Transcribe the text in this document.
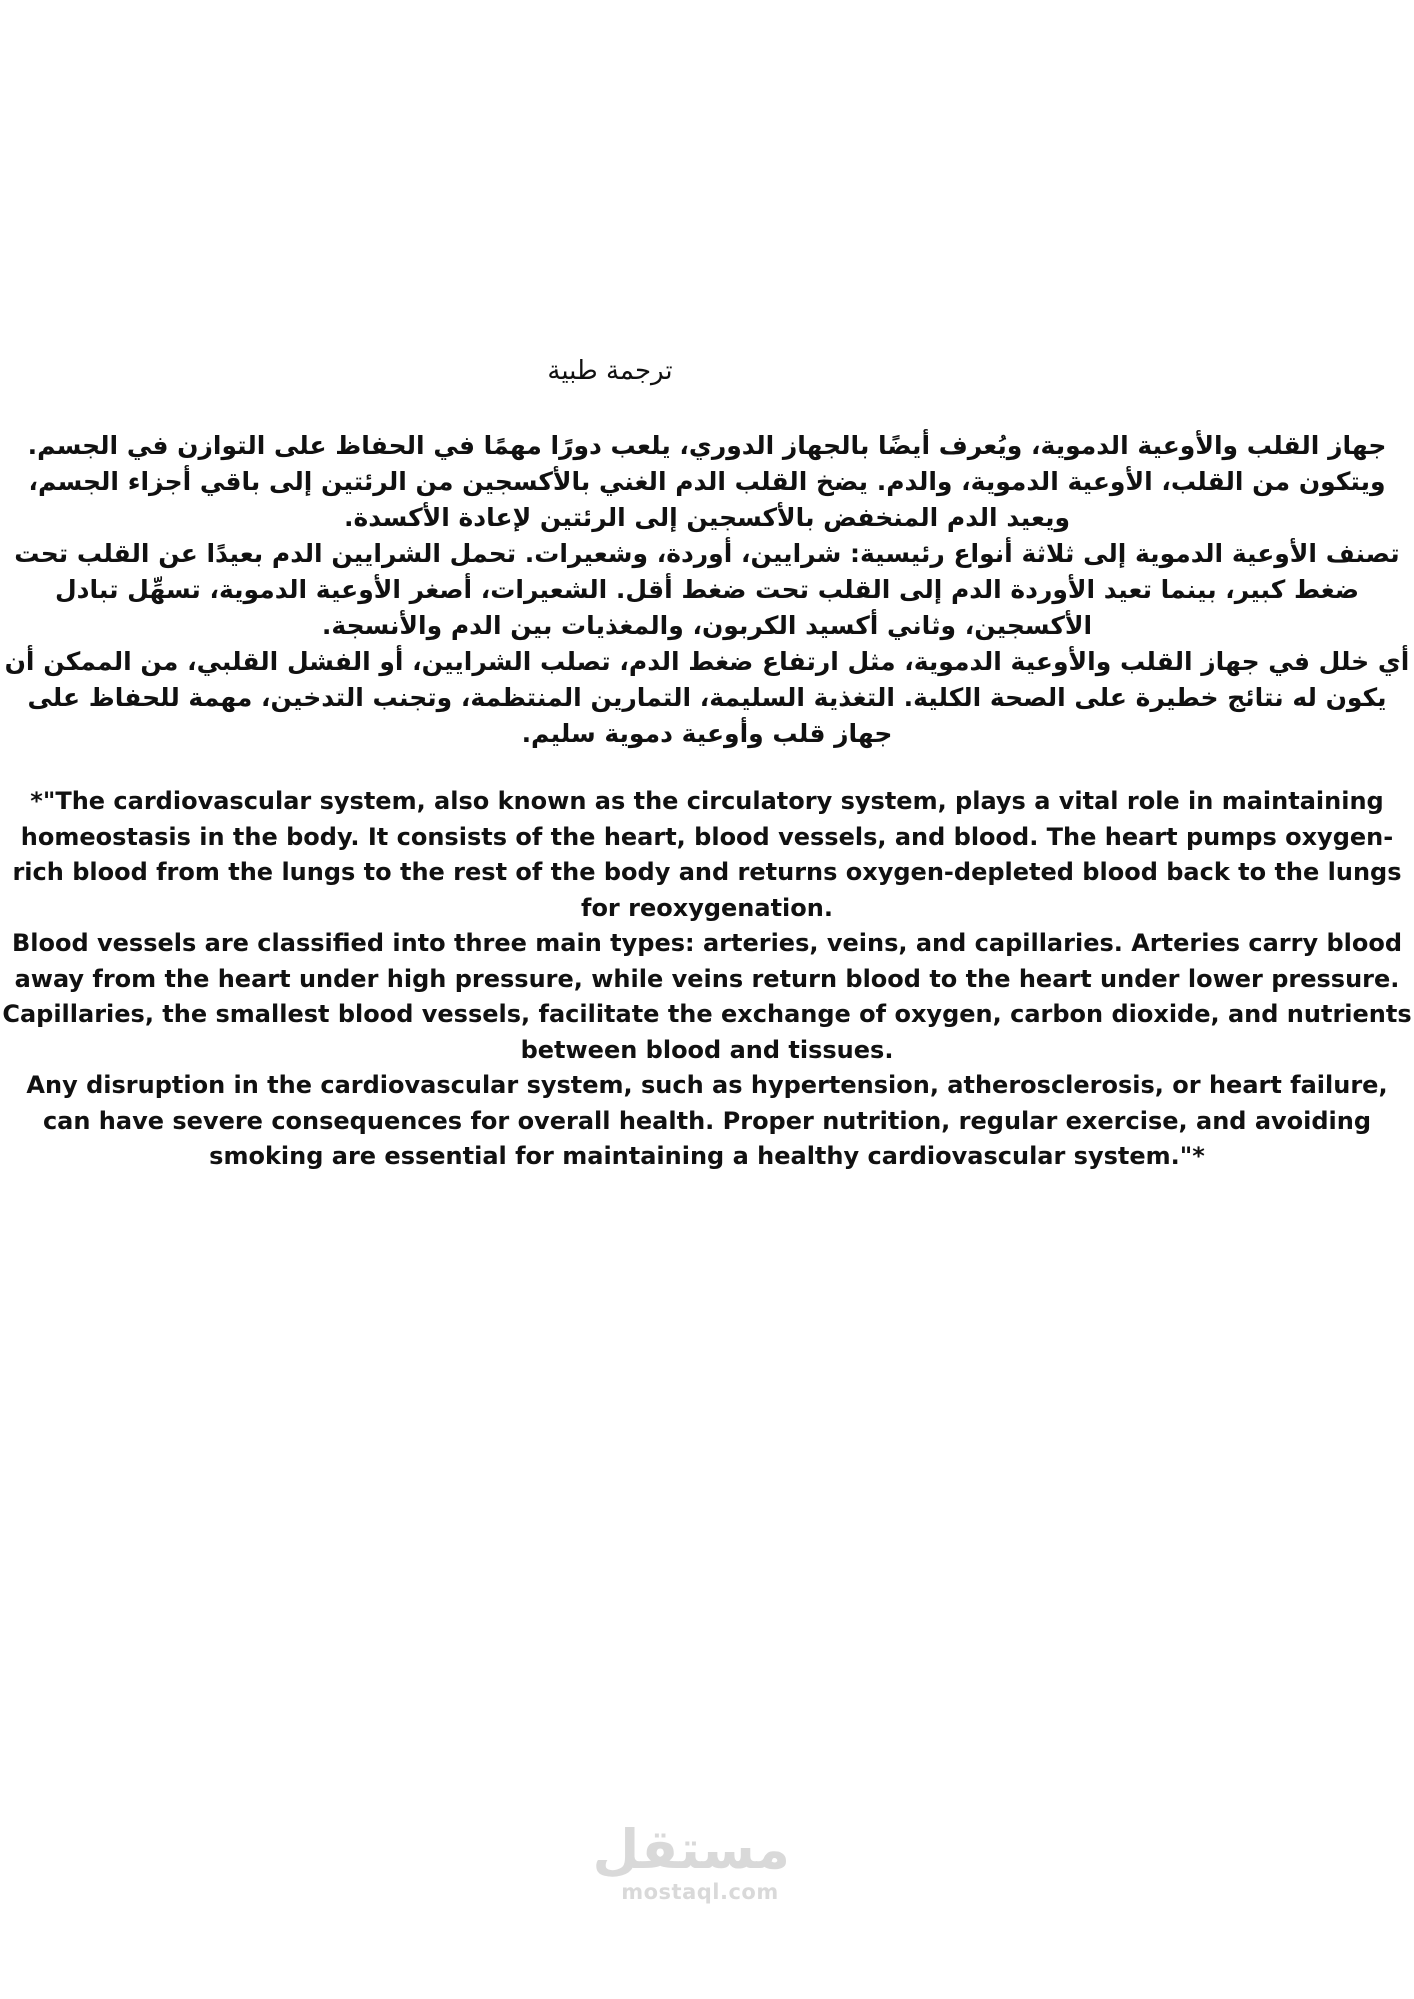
ترجمة طبية

جهاز القلب والأوعية الدموية، ويُعرف أيضًا بالجهاز الدوري، يلعب دورًا مهمًا في الحفاظ على التوازن في الجسم. ويتكون من القلب، الأوعية الدموية، والدم. يضخ القلب الدم الغني بالأكسجين من الرئتين إلى باقي أجزاء الجسم، ويعيد الدم المنخفض بالأكسجين إلى الرئتين لإعادة الأكسدة.

تصنف الأوعية الدموية إلى ثلاثة أنواع رئيسية: شرايين، أوردة، وشعيرات. تحمل الشرايين الدم بعيدًا عن القلب تحت ضغط كبير، بينما تعيد الأوردة الدم إلى القلب تحت ضغط أقل. الشعيرات، أصغر الأوعية الدموية، تسهِّل تبادل الأكسجين، وثاني أكسيد الكربون، والمغذيات بين الدم والأنسجة.

أي خلل في جهاز القلب والأوعية الدموية، مثل ارتفاع ضغط الدم، تصلب الشرايين، أو الفشل القلبي، من الممكن أن يكون له نتائج خطيرة على الصحة الكلية. التغذية السليمة، التمارين المنتظمة، وتجنب التدخين، مهمة للحفاظ على جهاز قلب وأوعية دموية سليم.

*"The cardiovascular system, also known as the circulatory system, plays a vital role in maintaining homeostasis in the body. It consists of the heart, blood vessels, and blood. The heart pumps oxygen-rich blood from the lungs to the rest of the body and returns oxygen-depleted blood back to the lungs for reoxygenation.

Blood vessels are classified into three main types: arteries, veins, and capillaries. Arteries carry blood away from the heart under high pressure, while veins return blood to the heart under lower pressure. Capillaries, the smallest blood vessels, facilitate the exchange of oxygen, carbon dioxide, and nutrients between blood and tissues.

Any disruption in the cardiovascular system, such as hypertension, atherosclerosis, or heart failure, can have severe consequences for overall health. Proper nutrition, regular exercise, and avoiding smoking are essential for maintaining a healthy cardiovascular system."*

مستقل
mostaql.com
